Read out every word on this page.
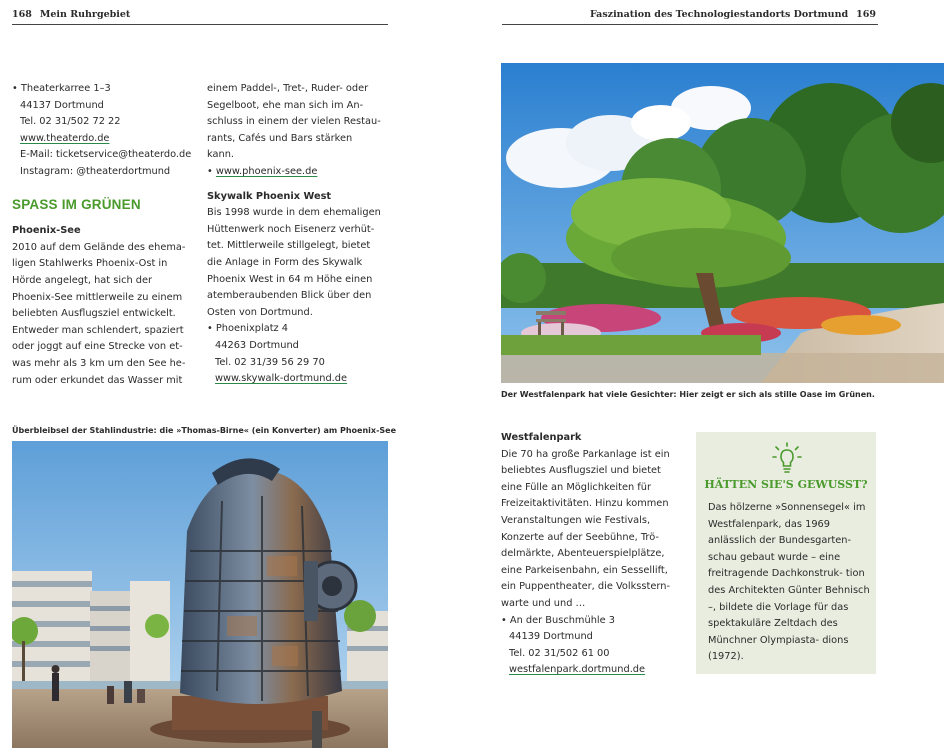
168 Mein Ruhrgebiet
• Theaterkarree 1–3
44137 Dortmund
Tel. 02 31/502 72 22
www.theaterdo.de
E-Mail: ticketservice@theaterdo.de
Instagram: @theaterdortmund
SPASS IM GRÜNEN
Phoenix-See
2010 auf dem Gelände des ehema-
ligen Stahlwerks Phoenix-Ost in
Hörde angelegt, hat sich der
Phoenix-See mittlerweile zu einem
beliebten Ausflugsziel entwickelt.
Entweder man schlendert, spaziert
oder joggt auf eine Strecke von et-
was mehr als 3 km um den See he-
rum oder erkundet das Wasser mit
einem Paddel-, Tret-, Ruder- oder
Segelboot, ehe man sich im An-
schluss in einem der vielen Restau-
rants, Cafés und Bars stärken
kann.
• www.phoenix-see.de
Skywalk Phoenix West
Bis 1998 wurde in dem ehemaligen
Hüttenwerk noch Eisenerz verhüt-
tet. Mittlerweile stillgelegt, bietet
die Anlage in Form des Skywalk
Phoenix West in 64 m Höhe einen
atemberaubenden Blick über den
Osten von Dortmund.
• Phoenixplatz 4
44263 Dortmund
Tel. 02 31/39 56 29 70
www.skywalk-dortmund.de
Überbleibsel der Stahlindustrie: die »Thomas-Birne« (ein Konverter) am Phoenix-See
Faszination des Technologiestandorts Dortmund 169
Der Westfalenpark hat viele Gesichter: Hier zeigt er sich als stille Oase im Grünen.
Westfalenpark
Die 70 ha große Parkanlage ist ein
beliebtes Ausflugsziel und bietet
eine Fülle an Möglichkeiten für
Freizeitaktivitäten. Hinzu kommen
Veranstaltungen wie Festivals,
Konzerte auf der Seebühne, Trö-
delmärkte, Abenteuerspielplätze,
eine Parkeisenbahn, ein Sessellift,
ein Puppentheater, die Volksstern-
warte und und …
• An der Buschmühle 3
44139 Dortmund
Tel. 02 31/502 61 00
westfalenpark.dortmund.de
HÄTTEN SIE'S GEWUSST?
Das hölzerne »Sonnensegel« im Westfalenpark, das 1969 anlässlich der Bundesgarten- schau gebaut wurde – eine freitragende Dachkonstruk- tion des Architekten Günter Behnisch –, bildete die Vorlage für das spektakuläre Zeltdach des Münchner Olympiasta- dions (1972).
